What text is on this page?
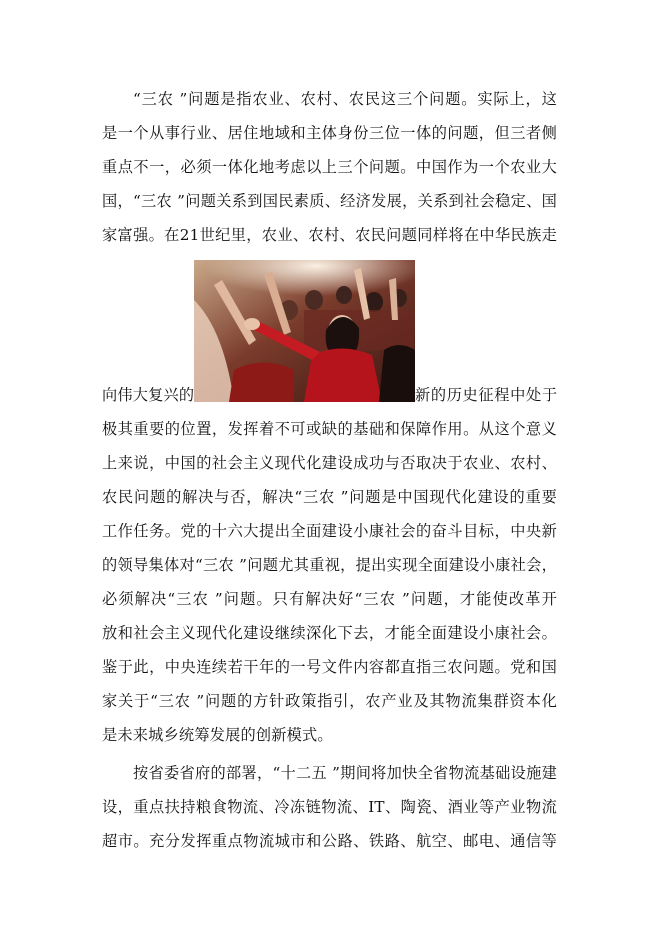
“三农 ”问题是指农业、农村、农民这三个问题。实际上，这
是一个从事行业、居住地域和主体身份三位一体的问题，但三者侧
重点不一，必须一体化地考虑以上三个问题。中国作为一个农业大
国，“三农 ”问题关系到国民素质、经济发展，关系到社会稳定、国
家富强。在21世纪里，农业、农村、农民问题同样将在中华民族走
向伟大复兴的	新的历史征程中处于
极其重要的位置，发挥着不可或缺的基础和保障作用。从这个意义
上来说，中国的社会主义现代化建设成功与否取决于农业、农村、
农民问题的解决与否，解决“三农 ”问题是中国现代化建设的重要
工作任务。党的十六大提出全面建设小康社会的奋斗目标，中央新
的领导集体对“三农 ”问题尤其重视，提出实现全面建设小康社会，
必须解决“三农 ”问题。只有解决好“三农 ”问题，才能使改革开
放和社会主义现代化建设继续深化下去，才能全面建设小康社会。
鉴于此，中央连续若干年的一号文件内容都直指三农问题。党和国
家关于“三农 ”问题的方针政策指引，农产业及其物流集群资本化
是未来城乡统筹发展的创新模式。
按省委省府的部署，“十二五 ”期间将加快全省物流基础设施建
设，重点扶持粮食物流、冷冻链物流、IT、陶瓷、酒业等产业物流
超市。充分发挥重点物流城市和公路、铁路、航空、邮电、通信等
